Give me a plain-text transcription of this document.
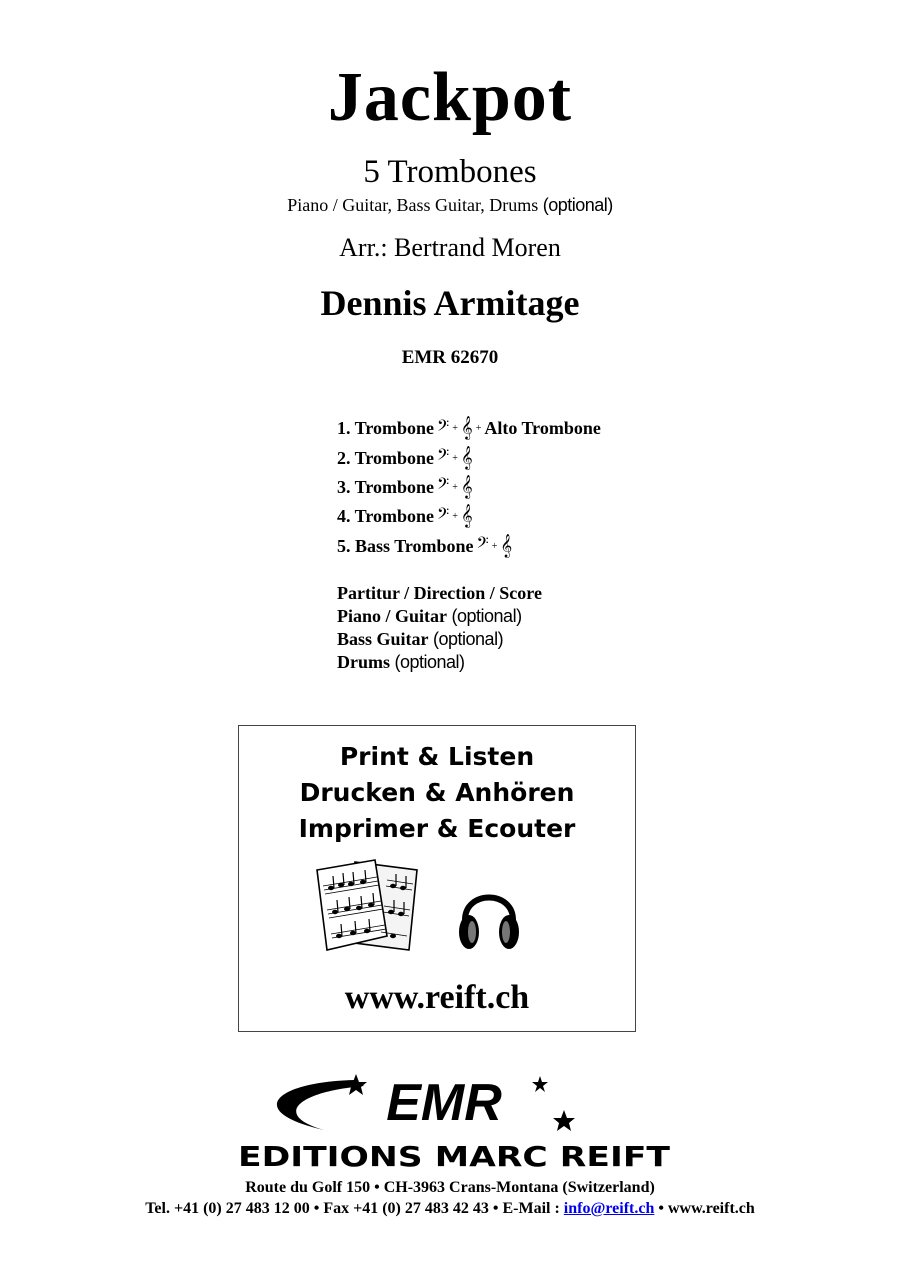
Jackpot
5 Trombones
Piano / Guitar, Bass Guitar, Drums (optional)
Arr.: Bertrand Moren
Dennis Armitage
EMR 62670
1. Trombone 𝄢 + 𝄞 + Alto Trombone
2. Trombone 𝄢 + 𝄞
3. Trombone 𝄢 + 𝄞
4. Trombone 𝄢 + 𝄞
5. Bass Trombone 𝄢 + 𝄞
Partitur / Direction / Score
Piano / Guitar (optional)
Bass Guitar (optional)
Drums (optional)
Print & Listen
Drucken & Anhören
Imprimer & Ecouter
www.reift.ch
EMR
EDITIONS MARC REIFT
Route du Golf 150 • CH-3963 Crans-Montana (Switzerland)
Tel. +41 (0) 27 483 12 00 • Fax +41 (0) 27 483 42 43 • E-Mail : info@reift.ch • www.reift.ch
